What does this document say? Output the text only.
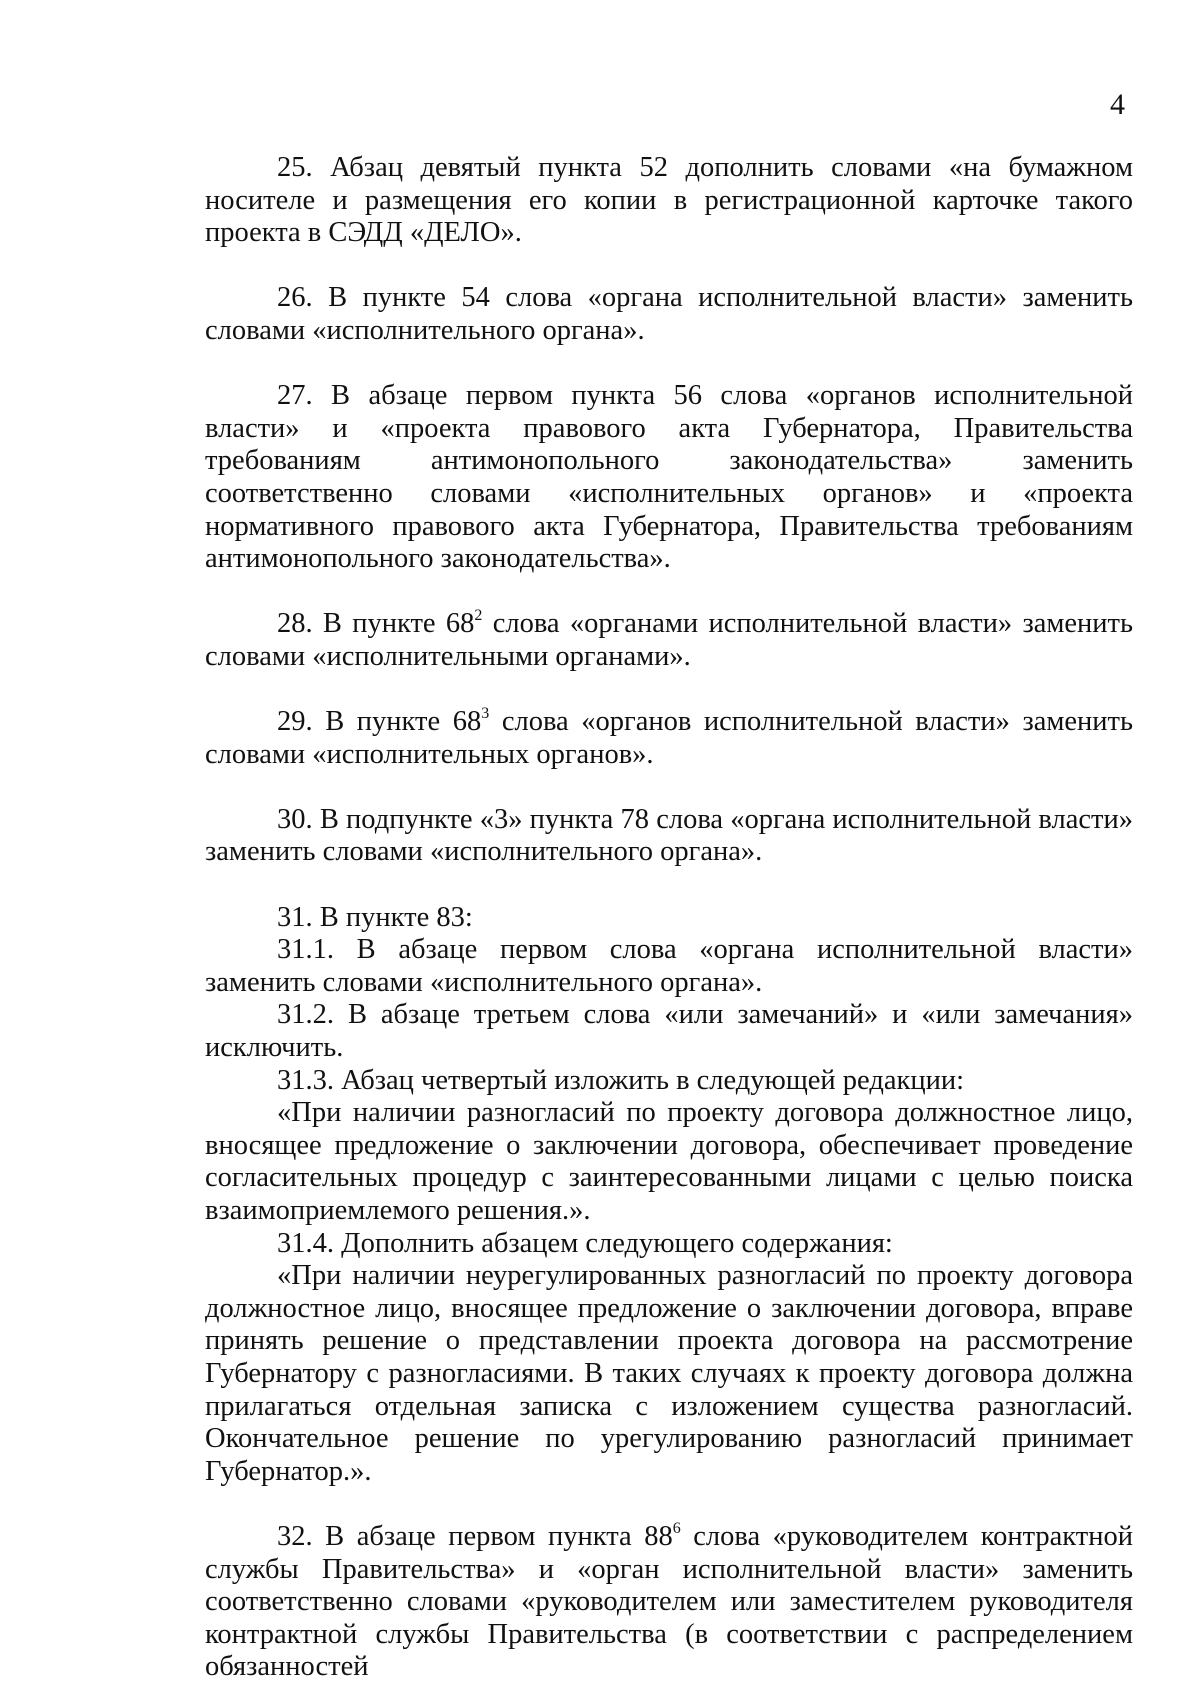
4

25. Абзац девятый пункта 52 дополнить словами «на бумажном носителе и размещения его копии в регистрационной карточке такого проекта в СЭДД «ДЕЛО».

26. В пункте 54 слова «органа исполнительной власти» заменить словами «исполнительного органа».

27. В абзаце первом пункта 56 слова «органов исполнительной власти» и «проекта правового акта Губернатора, Правительства требованиям антимонопольного законодательства» заменить соответственно словами «исполнительных органов» и «проекта нормативного правового акта Губернатора, Правительства требованиям антимонопольного законодательства».

28. В пункте $68^2$ слова «органами исполнительной власти» заменить словами «исполнительными органами».

29. В пункте $68^3$ слова «органов исполнительной власти» заменить словами «исполнительных органов».

30. В подпункте «3» пункта 78 слова «органа исполнительной власти» заменить словами «исполнительного органа».

31. В пункте 83:

31.1. В абзаце первом слова «органа исполнительной власти» заменить словами «исполнительного органа».

31.2. В абзаце третьем слова «или замечаний» и «или замечания» исключить.

31.3. Абзац четвертый изложить в следующей редакции:

«При наличии разногласий по проекту договора должностное лицо, вносящее предложение о заключении договора, обеспечивает проведение согласительных процедур с заинтересованными лицами с целью поиска взаимоприемлемого решения.».

31.4. Дополнить абзацем следующего содержания:

«При наличии неурегулированных разногласий по проекту договора должностное лицо, вносящее предложение о заключении договора, вправе принять решение о представлении проекта договора на рассмотрение Губернатору с разногласиями. В таких случаях к проекту договора должна прилагаться отдельная записка с изложением существа разногласий. Окончательное решение по урегулированию разногласий принимает Губернатор.».

32. В абзаце первом пункта $88^6$ слова «руководителем контрактной службы Правительства» и «орган исполнительной власти» заменить соответственно словами «руководителем или заместителем руководителя контрактной службы Правительства (в соответствии с распределением обязанностей
